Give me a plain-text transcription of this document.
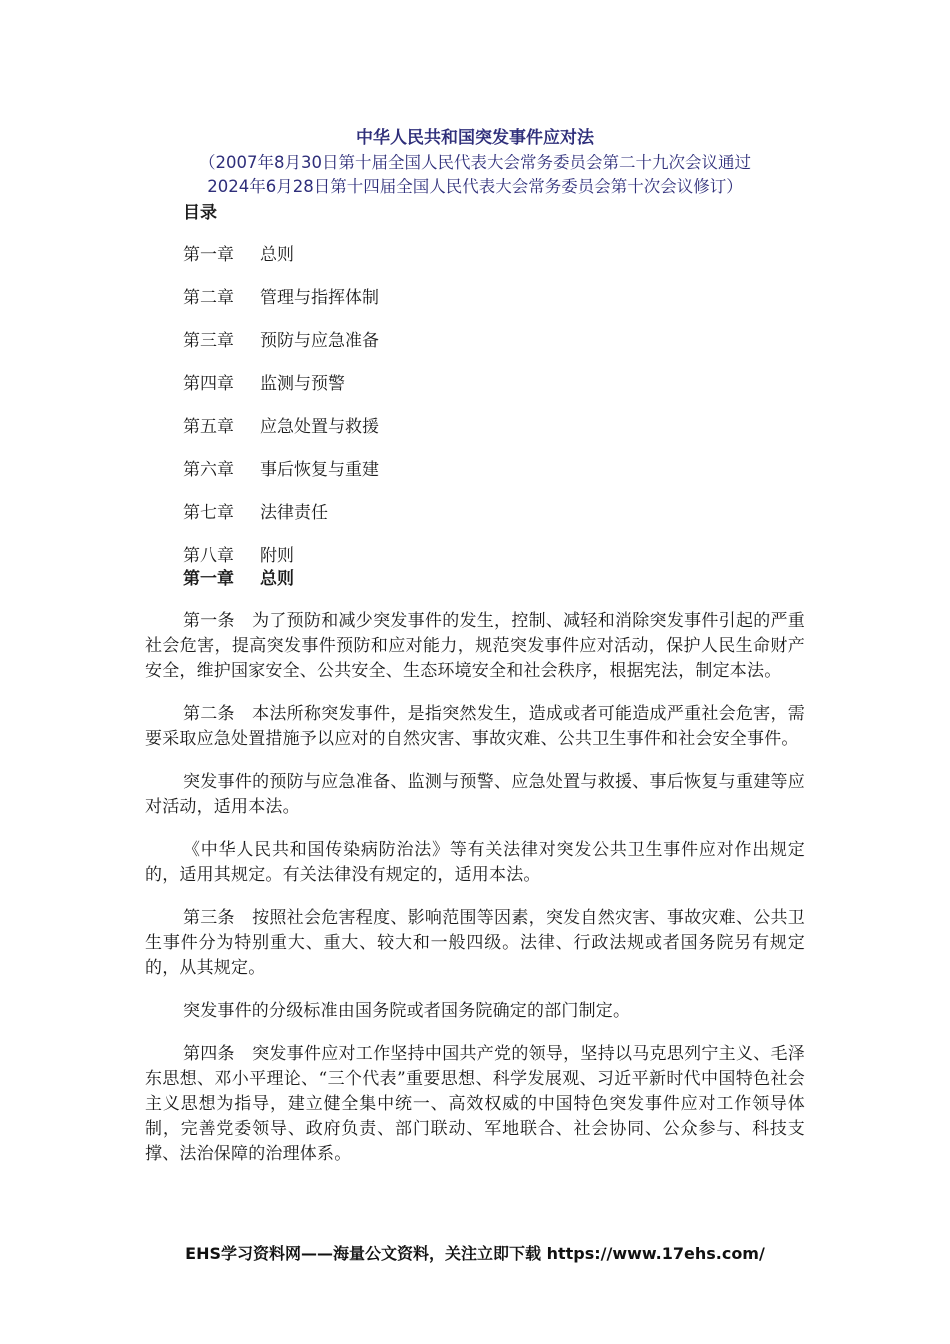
中华人民共和国突发事件应对法
（2007年8月30日第十届全国人民代表大会常务委员会第二十九次会议通过
2024年6月28日第十四届全国人民代表大会常务委员会第十次会议修订）
目录
第一章 总则
第二章 管理与指挥体制
第三章 预防与应急准备
第四章 监测与预警
第五章 应急处置与救援
第六章 事后恢复与重建
第七章 法律责任
第八章 附则
第一章 总则

第一条　为了预防和减少突发事件的发生，控制、减轻和消除突发事件引起的严重社会危害，提高突发事件预防和应对能力，规范突发事件应对活动，保护人民生命财产安全，维护国家安全、公共安全、生态环境安全和社会秩序，根据宪法，制定本法。

第二条　本法所称突发事件，是指突然发生，造成或者可能造成严重社会危害，需要采取应急处置措施予以应对的自然灾害、事故灾难、公共卫生事件和社会安全事件。

突发事件的预防与应急准备、监测与预警、应急处置与救援、事后恢复与重建等应对活动，适用本法。

《中华人民共和国传染病防治法》等有关法律对突发公共卫生事件应对作出规定的，适用其规定。有关法律没有规定的，适用本法。

第三条　按照社会危害程度、影响范围等因素，突发自然灾害、事故灾难、公共卫生事件分为特别重大、重大、较大和一般四级。法律、行政法规或者国务院另有规定的，从其规定。

突发事件的分级标准由国务院或者国务院确定的部门制定。

第四条　突发事件应对工作坚持中国共产党的领导，坚持以马克思列宁主义、毛泽东思想、邓小平理论、“三个代表”重要思想、科学发展观、习近平新时代中国特色社会主义思想为指导，建立健全集中统一、高效权威的中国特色突发事件应对工作领导体制，完善党委领导、政府负责、部门联动、军地联合、社会协同、公众参与、科技支撑、法治保障的治理体系。

EHS学习资料网——海量公文资料，关注立即下载 https://www.17ehs.com/
